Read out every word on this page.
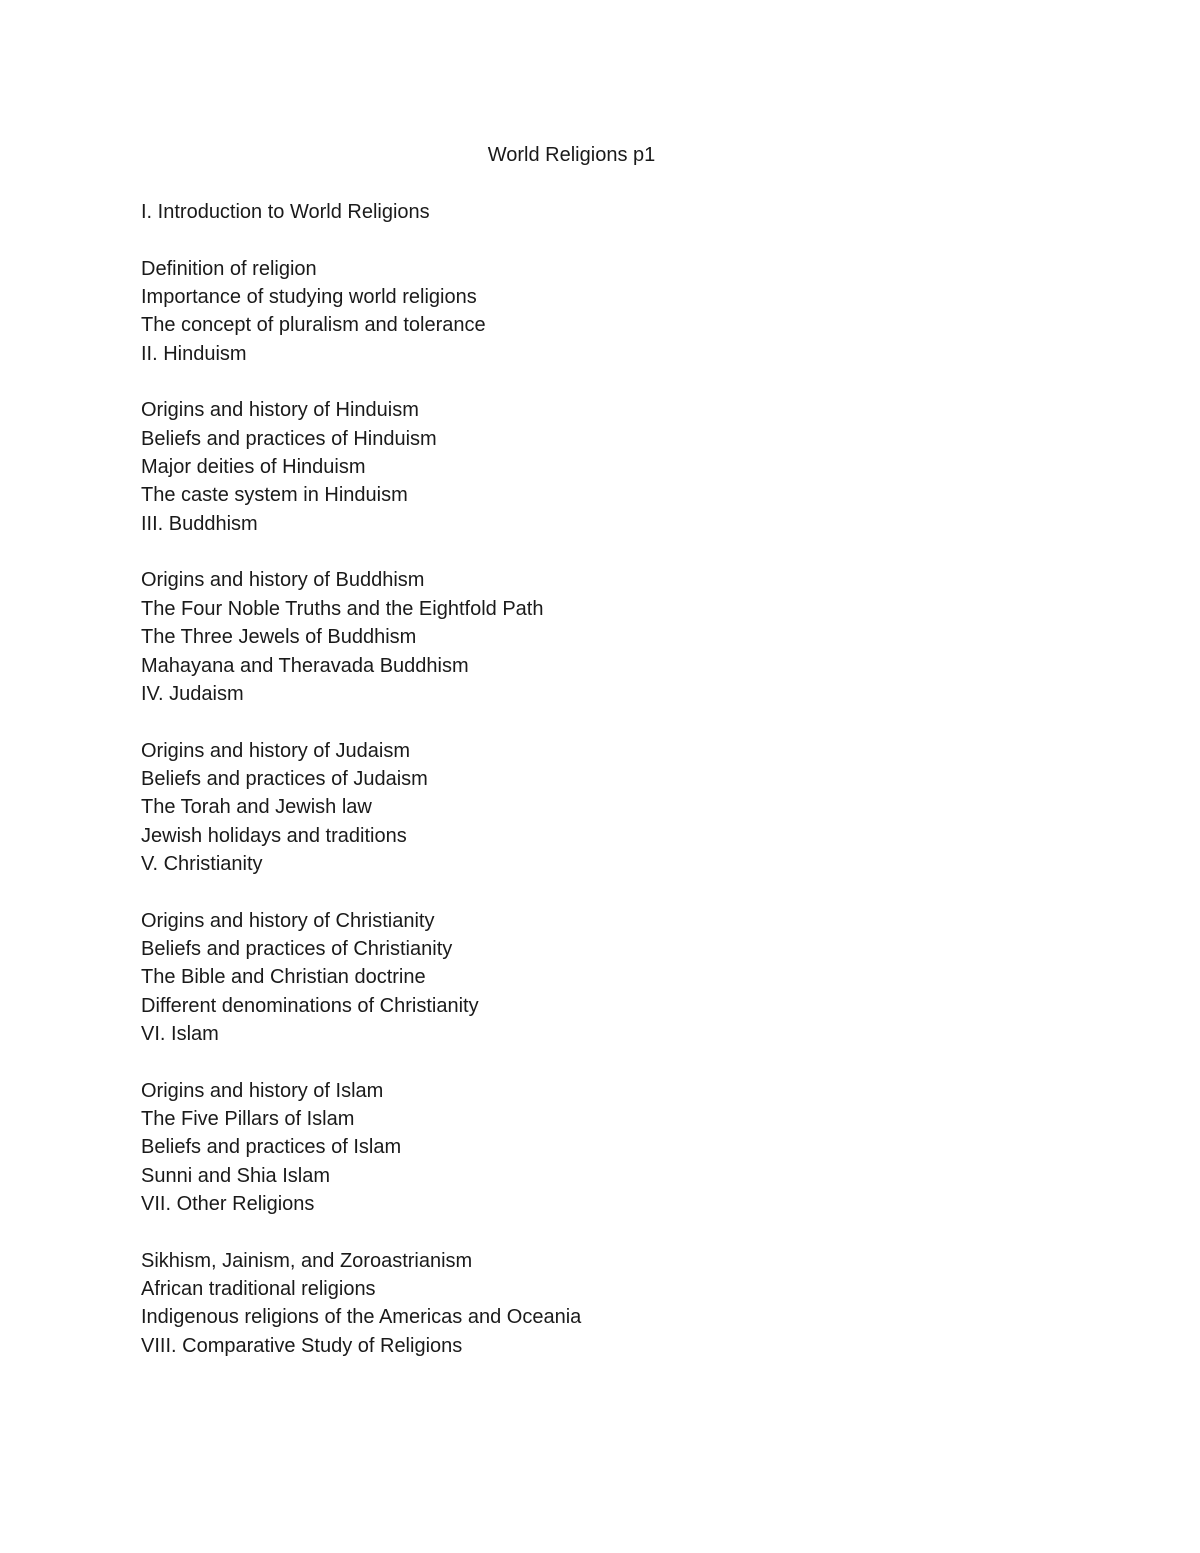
World Religions p1
I. Introduction to World Religions
Definition of religion
Importance of studying world religions
The concept of pluralism and tolerance
II. Hinduism
Origins and history of Hinduism
Beliefs and practices of Hinduism
Major deities of Hinduism
The caste system in Hinduism
III. Buddhism
Origins and history of Buddhism
The Four Noble Truths and the Eightfold Path
The Three Jewels of Buddhism
Mahayana and Theravada Buddhism
IV. Judaism
Origins and history of Judaism
Beliefs and practices of Judaism
The Torah and Jewish law
Jewish holidays and traditions
V. Christianity
Origins and history of Christianity
Beliefs and practices of Christianity
The Bible and Christian doctrine
Different denominations of Christianity
VI. Islam
Origins and history of Islam
The Five Pillars of Islam
Beliefs and practices of Islam
Sunni and Shia Islam
VII. Other Religions
Sikhism, Jainism, and Zoroastrianism
African traditional religions
Indigenous religions of the Americas and Oceania
VIII. Comparative Study of Religions
